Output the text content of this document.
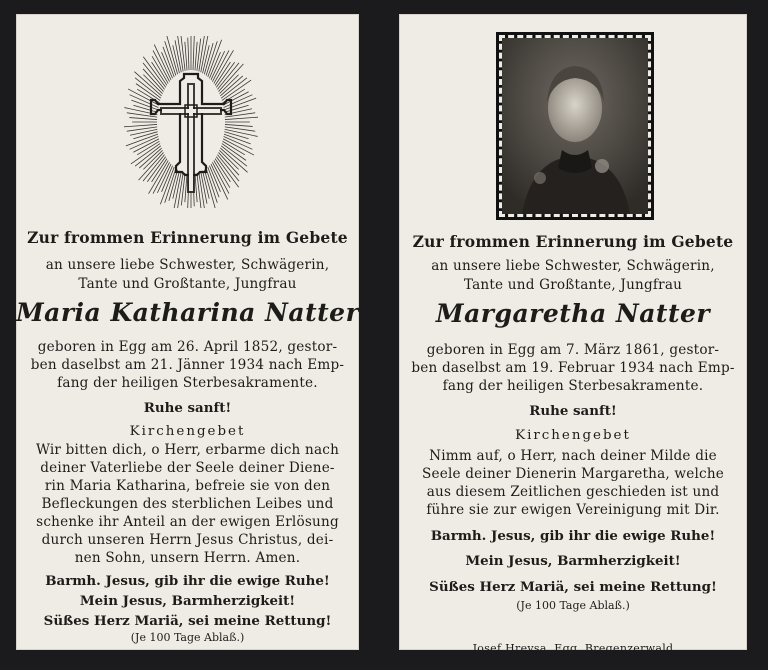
Zur frommen Erinnerung im Gebete
an unsere liebe Schwester, Schwägerin,
Tante und Großtante, Jungfrau
Maria Katharina Natter
geboren in Egg am 26. April 1852, gestor-
ben daselbst am 21. Jänner 1934 nach Emp-
fang der heiligen Sterbesakramente.
Ruhe sanft!
Kirchengebet
Wir bitten dich, o Herr, erbarme dich nach
deiner Vaterliebe der Seele deiner Diene-
rin Maria Katharina, befreie sie von den
Befleckungen des sterblichen Leibes und
schenke ihr Anteil an der ewigen Erlösung
durch unseren Herrn Jesus Christus, dei-
nen Sohn, unsern Herrn. Amen.
Barmh. Jesus, gib ihr die ewige Ruhe!
Mein Jesus, Barmherzigkeit!
Süßes Herz Mariä, sei meine Rettung!
(Je 100 Tage Ablaß.)
Zur frommen Erinnerung im Gebete
an unsere liebe Schwester, Schwägerin,
Tante und Großtante, Jungfrau
Margaretha Natter
geboren in Egg am 7. März 1861, gestor-
ben daselbst am 19. Februar 1934 nach Emp-
fang der heiligen Sterbesakramente.
Ruhe sanft!
Kirchengebet
Nimm auf, o Herr, nach deiner Milde die
Seele deiner Dienerin Margaretha, welche
aus diesem Zeitlichen geschieden ist und
führe sie zur ewigen Vereinigung mit Dir.
Barmh. Jesus, gib ihr die ewige Ruhe!
Mein Jesus, Barmherzigkeit!
Süßes Herz Mariä, sei meine Rettung!
(Je 100 Tage Ablaß.)
Josef Hrevsa, Egg, Bregenzerwald
